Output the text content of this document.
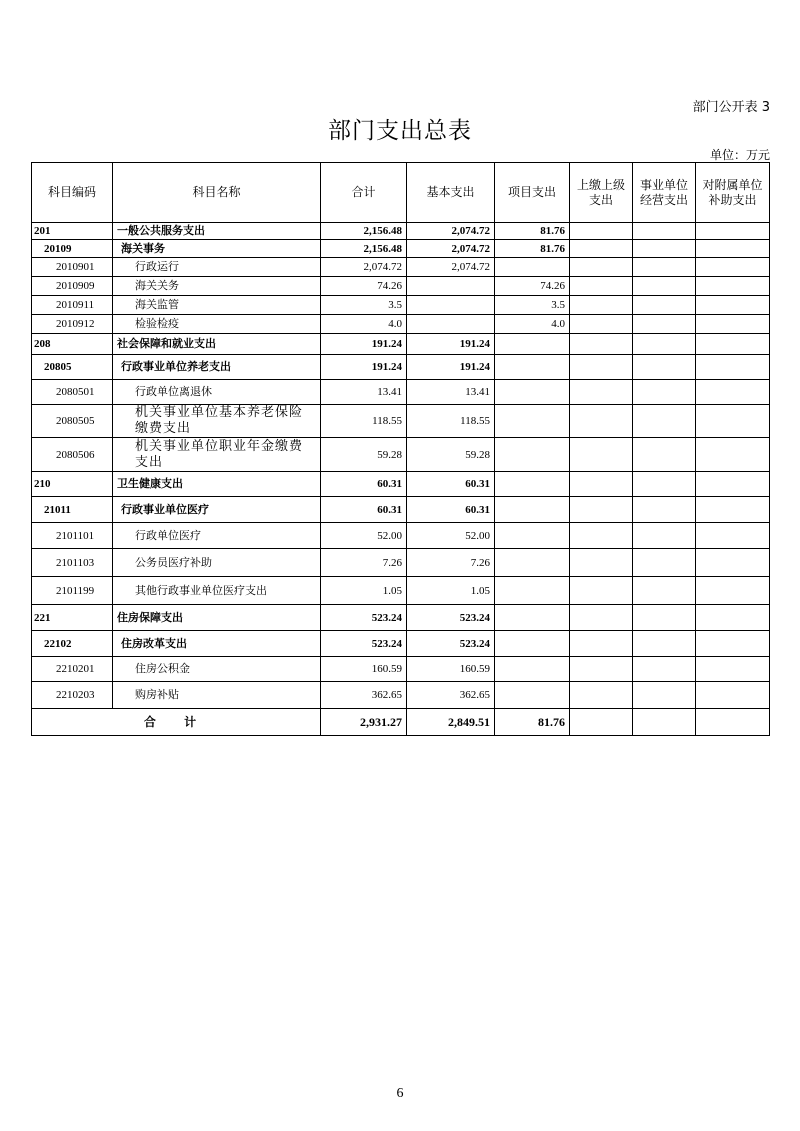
部门公开表 3
部门支出总表
单位：万元
科目编码	科目名称	合计	基本支出	项目支出	上缴上级支出	事业单位经营支出	对附属单位补助支出
201	一般公共服务支出	2,156.48	2,074.72	81.76			
20109	海关事务	2,156.48	2,074.72	81.76			
2010901	行政运行	2,074.72	2,074.72				
2010909	海关关务	74.26		74.26			
2010911	海关监管	3.5		3.5			
2010912	检验检疫	4.0		4.0			
208	社会保障和就业支出	191.24	191.24				
20805	行政事业单位养老支出	191.24	191.24				
2080501	行政单位离退休	13.41	13.41				
2080505	机关事业单位基本养老保险缴费支出	118.55	118.55				
2080506	机关事业单位职业年金缴费支出	59.28	59.28				
210	卫生健康支出	60.31	60.31				
21011	行政事业单位医疗	60.31	60.31				
2101101	行政单位医疗	52.00	52.00				
2101103	公务员医疗补助	7.26	7.26				
2101199	其他行政事业单位医疗支出	1.05	1.05				
221	住房保障支出	523.24	523.24				
22102	住房改革支出	523.24	523.24				
2210201	住房公积金	160.59	160.59				
2210203	购房补贴	362.65	362.65				
合 计		2,931.27	2,849.51	81.76			
6
